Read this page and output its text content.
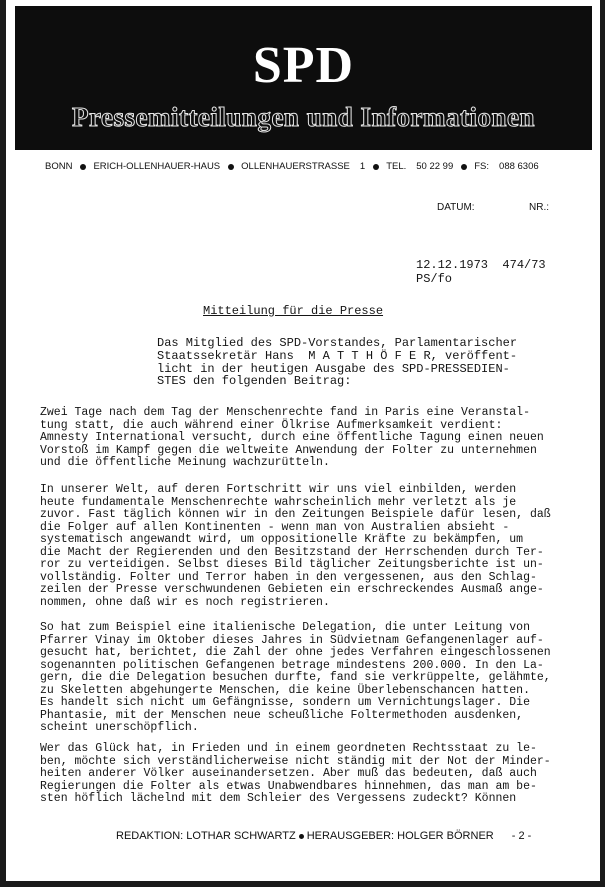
SPD
Pressemitteilungen und Informationen
BONN ERICH-OLLENHAUER-HAUS OLLENHAUERSTRASSE 1 TEL. 50 22 99 FS: 088 6306
DATUM:	NR.:
12.12.1973  474/73
PS/fo
Mitteilung für die Presse
Das Mitglied des SPD-Vorstandes, Parlamentarischer
Staatssekretär Hans  M A T T H Ö F E R, veröffent-
licht in der heutigen Ausgabe des SPD-PRESSEDIEN-
STES den folgenden Beitrag:
Zwei Tage nach dem Tag der Menschenrechte fand in Paris eine Veranstal-
tung statt, die auch während einer Ölkrise Aufmerksamkeit verdient:
Amnesty International versucht, durch eine öffentliche Tagung einen neuen
Vorstoß im Kampf gegen die weltweite Anwendung der Folter zu unternehmen
und die öffentliche Meinung wachzurütteln.
In unserer Welt, auf deren Fortschritt wir uns viel einbilden, werden
heute fundamentale Menschenrechte wahrscheinlich mehr verletzt als je
zuvor. Fast täglich können wir in den Zeitungen Beispiele dafür lesen, daß
die Folger auf allen Kontinenten - wenn man von Australien absieht -
systematisch angewandt wird, um oppositionelle Kräfte zu bekämpfen, um
die Macht der Regierenden und den Besitzstand der Herrschenden durch Ter-
ror zu verteidigen. Selbst dieses Bild täglicher Zeitungsberichte ist un-
vollständig. Folter und Terror haben in den vergessenen, aus den Schlag-
zeilen der Presse verschwundenen Gebieten ein erschreckendes Ausmaß ange-
nommen, ohne daß wir es noch registrieren.
So hat zum Beispiel eine italienische Delegation, die unter Leitung von
Pfarrer Vinay im Oktober dieses Jahres in Südvietnam Gefangenenlager auf-
gesucht hat, berichtet, die Zahl der ohne jedes Verfahren eingeschlossenen
sogenannten politischen Gefangenen betrage mindestens 200.000. In den La-
gern, die die Delegation besuchen durfte, fand sie verkrüppelte, gelähmte,
zu Skeletten abgehungerte Menschen, die keine Überlebenschancen hatten.
Es handelt sich nicht um Gefängnisse, sondern um Vernichtungslager. Die
Phantasie, mit der Menschen neue scheußliche Foltermethoden ausdenken,
scheint unerschöpflich.
Wer das Glück hat, in Frieden und in einem geordneten Rechtsstaat zu le-
ben, möchte sich verständlicherweise nicht ständig mit der Not der Minder-
heiten anderer Völker auseinandersetzen. Aber muß das bedeuten, daß auch
Regierungen die Folter als etwas Unabwendbares hinnehmen, das man am be-
sten höflich lächelnd mit dem Schleier des Vergessens zudeckt? Können
REDAKTION: LOTHAR SCHWARTZ HERAUSGEBER: HOLGER BÖRNER - 2 -
